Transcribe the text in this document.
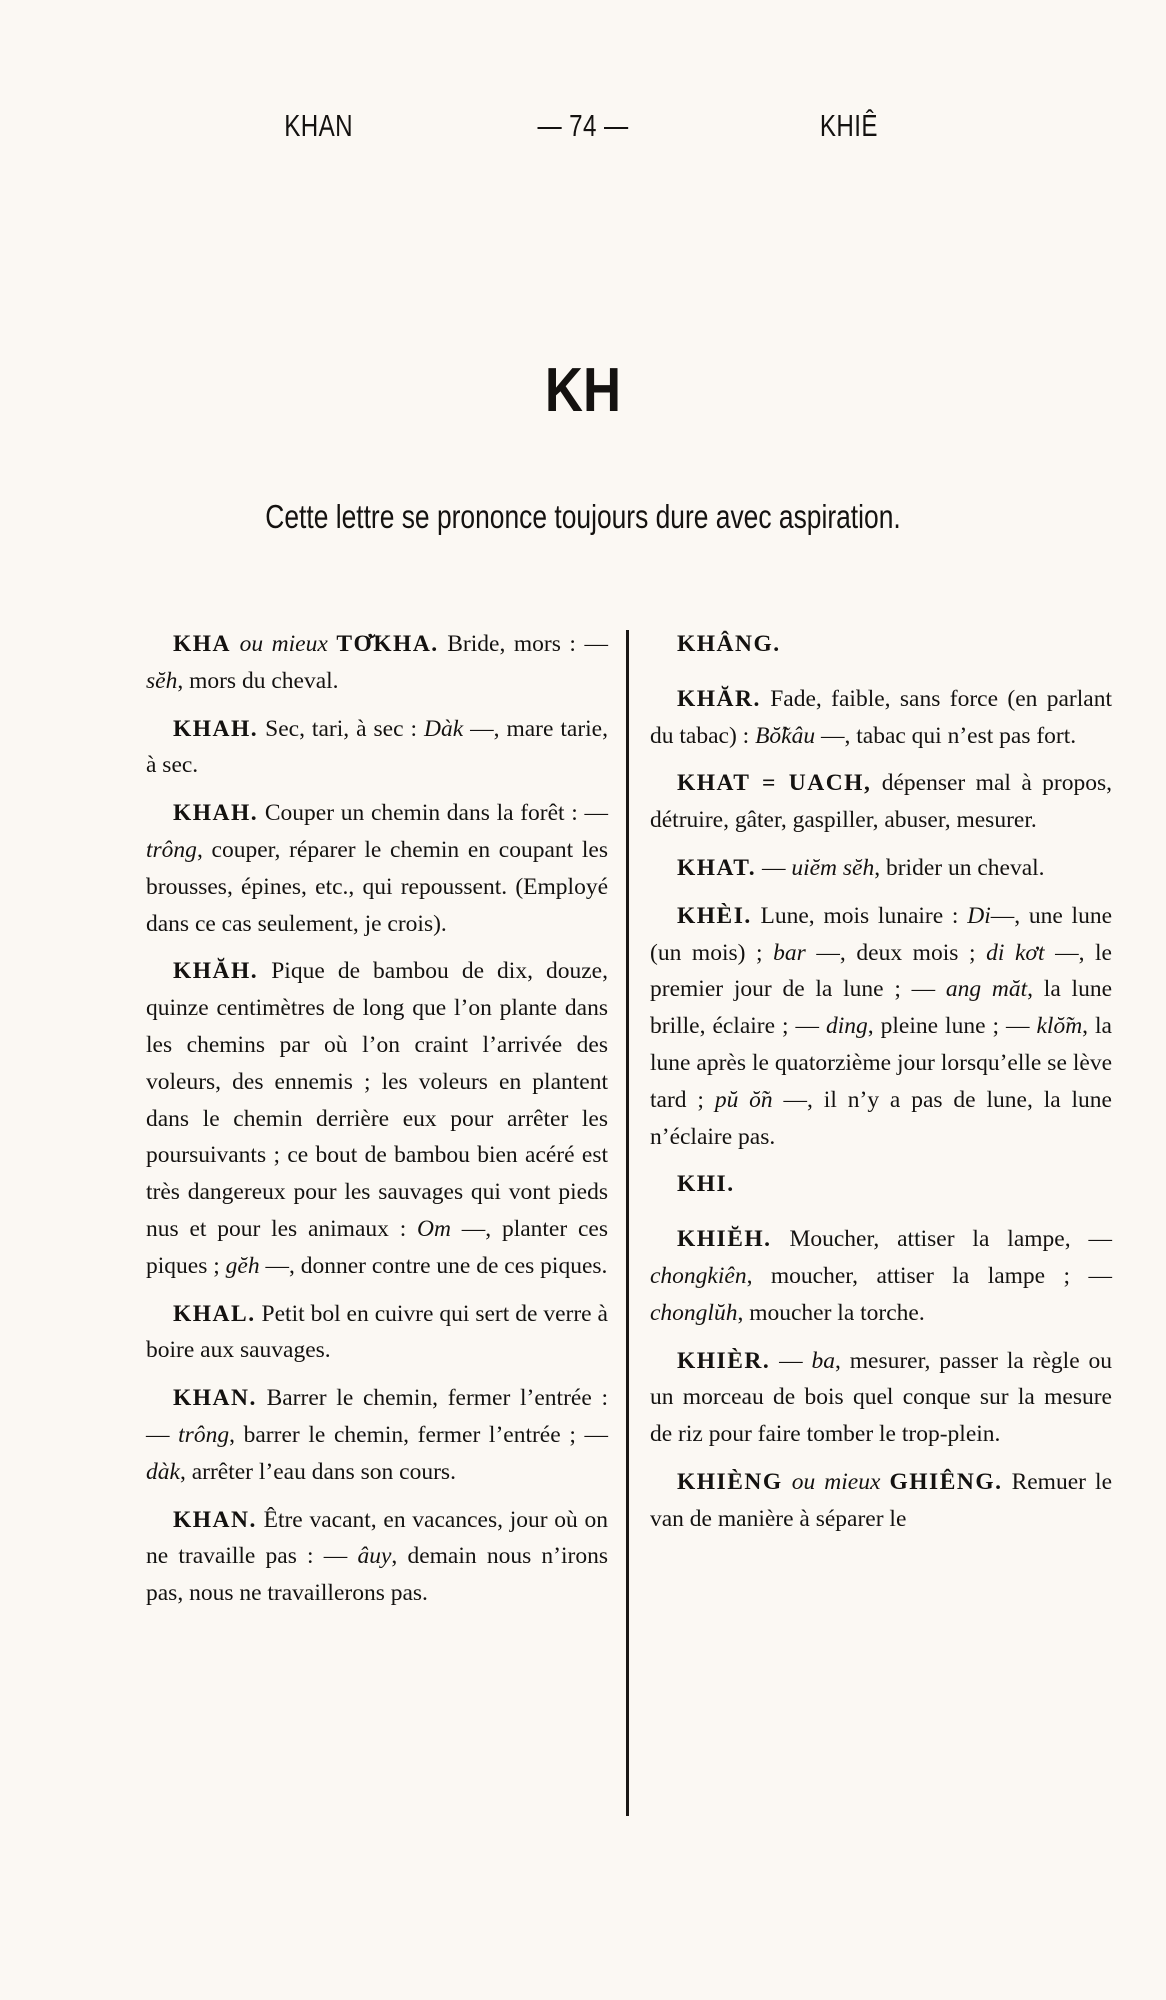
KHAN	— 74 —	KHIÊ
KH
Cette lettre se prononce toujours dure avec aspiration.

KHA ou mieux TƠ̆KHA. Bride, mors : — sĕh, mors du cheval.

KHAH. Sec, tari, à sec : Dàk —, mare tarie, à sec.

KHAH. Couper un chemin dans la forêt : — trông, couper, réparer le chemin en coupant les brousses, épines, etc., qui repoussent. (Employé dans ce cas seulement, je crois).

KHĂH. Pique de bambou de dix, douze, quinze centimètres de long que l’on plante dans les chemins par où l’on craint l’arrivée des voleurs, des ennemis ; les voleurs en plantent dans le chemin derrière eux pour arrêter les poursuivants ; ce bout de bambou bien acéré est très dangereux pour les sauvages qui vont pieds nus et pour les animaux : Om —, planter ces piques ; gĕh —, donner contre une de ces piques.

KHAL. Petit bol en cuivre qui sert de verre à boire aux sauvages.

KHAN. Barrer le chemin, fermer l’entrée : — trông, barrer le chemin, fermer l’entrée ; — dàk, arrêter l’eau dans son cours.

KHAN. Être vacant, en vacances, jour où on ne travaille pas : — âuy, demain nous n’irons pas, nous ne travaillerons pas.

KHÂNG.

KHĂR. Fade, faible, sans force (en parlant du tabac) : Bŏ̃kâu —, tabac qui n’est pas fort.

KHAT = UACH, dépenser mal à propos, détruire, gâter, gaspiller, abuser, mesurer.

KHAT. — uiĕm sĕh, brider un cheval.

KHÈI. Lune, mois lunaire : Di—, une lune (un mois) ; bar —, deux mois ; di kơt —, le premier jour de la lune ; — ang măt, la lune brille, éclaire ; — ding, pleine lune ; — klŏ̃m, la lune après le quatorzième jour lorsqu’elle se lève tard ; pŭ ŏ̃n —, il n’y a pas de lune, la lune n’éclaire pas.

KHI.

KHIĔH. Moucher, attiser la lampe, — chongkiên, moucher, attiser la lampe ; — chonglŭh, moucher la torche.

KHIÈR. — ba, mesurer, passer la règle ou un morceau de bois quel conque sur la mesure de riz pour faire tomber le trop-plein.

KHIÈNG ou mieux GHIÊNG. Remuer le van de manière à séparer le
